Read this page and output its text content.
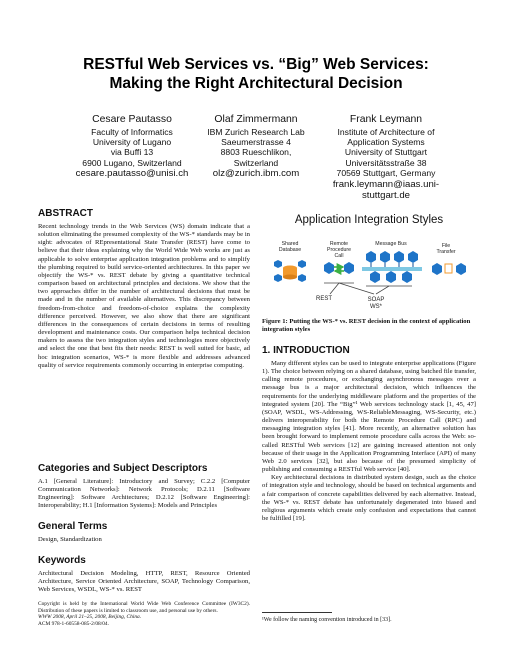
RESTful Web Services vs. “Big” Web Services:
Making the Right Architectural Decision
Cesare Pautasso
Faculty of Informatics
University of Lugano
via Buffi 13
6900 Lugano, Switzerland
cesare.pautasso@unisi.ch
Olaf Zimmermann
IBM Zurich Research Lab
Saeumerstrasse 4
8803 Rueschlikon,
Switzerland
olz@zurich.ibm.com
Frank Leymann
Institute of Architecture of
Application Systems
University of Stuttgart
Universitätsstraße 38
70569 Stuttgart, Germany
frank.leymann@iaas.uni-
stuttgart.de
ABSTRACT

Recent technology trends in the Web Services (WS) domain indicate that a solution eliminating the presumed complexity of the WS-* standards may be in sight: advocates of REpresentational State Transfer (REST) have come to believe that their ideas explaining why the World Wide Web works are just as applicable to solve enterprise application integration problems and to simplify the plumbing required to build service-oriented architectures. In this paper we objectify the WS-* vs. REST debate by giving a quantitative technical comparison based on architectural principles and decisions. We show that the two approaches differ in the number of architectural decisions that must be made and in the number of available alternatives. This discrepancy between freedom-from-choice and freedom-of-choice explains the complexity difference perceived. However, we also show that there are significant differences in the consequences of certain decisions in terms of resulting development and maintenance costs. Our comparison helps technical decision makers to assess the two integration styles and technologies more objectively and select the one that best fits their needs: REST is well suited for basic, ad hoc integration scenarios, WS-* is more flexible and addresses advanced quality of service requirements commonly occurring in enterprise computing.

Categories and Subject Descriptors

A.1 [General Literature]: Introductory and Survey; C.2.2 [Computer Communication Networks]: Network Protocols; D.2.11 [Software Engineering]: Software Architectures; D.2.12 [Software Engineering]: Interoperability; H.1 [Information Systems]: Models and Principles

General Terms

Design, Standardization

Keywords

Architectural Decision Modeling, HTTP, REST, Resource Oriented Architecture, Service Oriented Architecture, SOAP, Technology Comparison, Web Services, WSDL, WS-* vs. REST

Copyright is held by the International World Wide Web Conference Committee (IW3C2). Distribution of these papers is limited to classroom use, and personal use by others.

WWW 2008, April 21–25, 2008, Beijing, China.

ACM 978-1-60558-085-2/08/04.

Application Integration Styles
Shared Database
Remote Procedure Call
Message Bus	File Transfer
REST	SOAP
WS*
Figure 1: Putting the WS-* vs. REST decision in the context of application integration styles
1. INTRODUCTION

Many different styles can be used to integrate enterprise applications (Figure 1). The choice between relying on a shared database, using batched file transfer, calling remote procedures, or exchanging asynchronous messages over a message bus is a major architectural decision, which influences the requirements for the underlying middleware platform and the properties of the integrated system [20]. The “Big”¹ Web services technology stack [1, 45, 47] (SOAP, WSDL, WS-Addressing, WS-ReliableMessaging, WS-Security, etc.) delivers interoperability for both the Remote Procedure Call (RPC) and messaging integration styles [41]. More recently, an alternative solution has been brought forward to implement remote procedure calls across the Web: so-called RESTful Web services [12] are gaining increased attention not only because of their usage in the Application Programming Interface (API) of many Web 2.0 services [32], but also because of the presumed simplicity of publishing and consuming a RESTful Web service [40].

Key architectural decisions in distributed system design, such as the choice of integration style and technology, should be based on technical arguments and a fair comparison of concrete capabilities delivered by each alternative. Instead, the WS-* vs. REST debate has unfortunately degenerated into biased and religious arguments which create only confusion and expectations that cannot be fulfilled [19].

¹We follow the naming convention introduced in [33].
